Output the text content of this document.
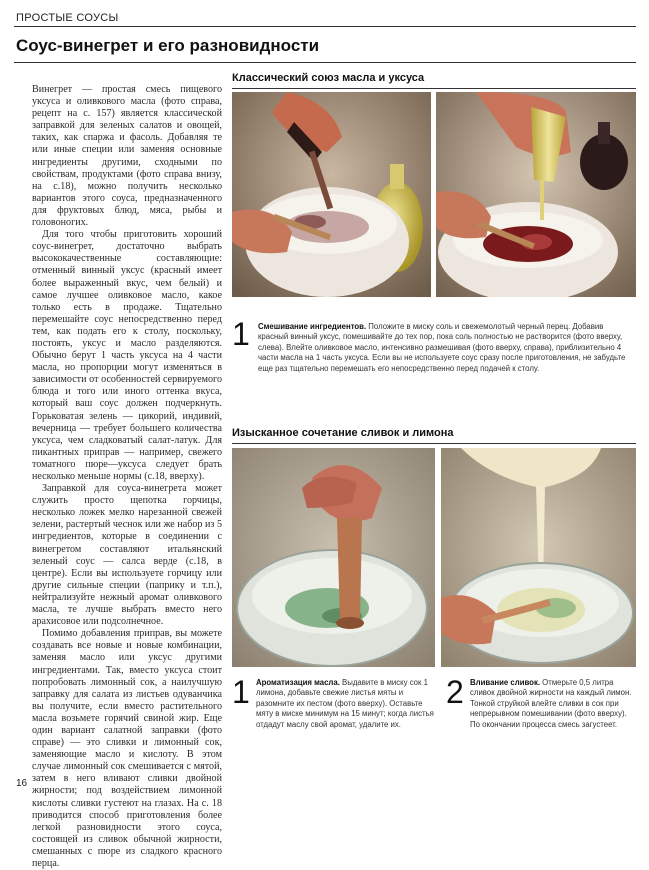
ПРОСТЫЕ СОУСЫ
Соус-винегрет и его разновидности

Винегрет — простая смесь пищевого уксуса и оливкового масла (фото справа, рецепт на с. 157) является классической заправкой для зеленых салатов и овощей, таких, как спаржа и фасоль. Добавляя те или иные специи или заменяя основные ингредиенты другими, сходными по свойствам, продуктами (фото справа внизу, на с.18), можно получить несколько вариантов этого соуса, предназначенного для фруктовых блюд, мяса, рыбы и головоногих.

Для того чтобы приготовить хороший соус-винегрет, достаточно выбрать высококачественные составляющие: отменный винный уксус (красный имеет более выраженный вкус, чем белый) и самое лучшее оливковое масло, какое только есть в продаже. Тщательно перемешайте соус непосредственно перед тем, как подать его к столу, поскольку, постоять, уксус и масло разделяются. Обычно берут 1 часть уксуса на 4 части масла, но пропорции могут изменяться в зависимости от особенностей сервируемого блюда и того или иного оттенка вкуса, который ваш соус должен подчеркнуть. Горьковатая зелень — цикорий, индивий, вечерница — требует большего количества уксуса, чем сладковатый салат-латук. Для пикантных приправ — например, свежего томатного пюре—уксуса следует брать несколько меньше нормы (с.18, вверху).

Заправкой для соуса-винегрета может служить просто щепотка горчицы, несколько ложек мелко нарезанной свежей зелени, растертый чеснок или же набор из 5 ингредиентов, которые в соединении с винегретом составляют итальянский зеленый соус — салса верде (с.18, в центре). Если вы используете горчицу или другие сильные специи (паприку и т.п.), нейтрализуйте нежный аромат оливкового масла, те лучше выбрать вместо него арахисовое или подсолнечное.

Помимо добавления приправ, вы можете создавать все новые и новые комбинации, заменяя масло или уксус другими ингредиентами. Так, вместо уксуса стоит попробовать лимонный сок, а наилучшую заправку для салата из листьев одуванчика вы получите, если вместо растительного масла возьмете горячий свиной жир. Еще один вариант салатной заправки (фото справе) — это сливки и лимонный сок, заменяющие масло и кислоту. В этом случае лимонный сок смешивается с мятой, затем в него вливают сливки двойной жирности; под воздействием лимонной кислоты сливки густеют на глазах. На с. 18 приводится способ приготовления более легкой разновидности этого соуса, состоящей из сливок обычной жирности, смешанных с пюре из сладкого красного перца.

16
Классический союз масла и уксуса
1 Смешивание ингредиентов. Положите в миску соль и свежемолотый черный перец. Добавив красный винный уксус, помешивайте до тех пор, пока соль полностью не растворится (фото вверху, слева). Влейте оливковое масло, интенсивно размешивая (фото вверху, справа), приблизительно 4 части масла на 1 часть уксуса. Если вы не используете соус сразу после приготовления, не забудьте еще раз тщательно перемешать его непосредственно перед подачей к столу.
Изысканное сочетание сливок и лимона
1 Ароматизация масла. Выдавите в миску сок 1 лимона, добавьте свежие листья мяты и разомните их пестом (фото вверху). Оставьте мяту в миске минимум на 15 минут; когда листья отдадут маслу свой аромат, удалите их.
2 Вливание сливок. Отмерьте 0,5 литра сливок двойной жирности на каждый лимон. Тонкой струйкой влейте сливки в сок при непрерывном помешивании (фото вверху). По окончании процесса смесь загустеет.
